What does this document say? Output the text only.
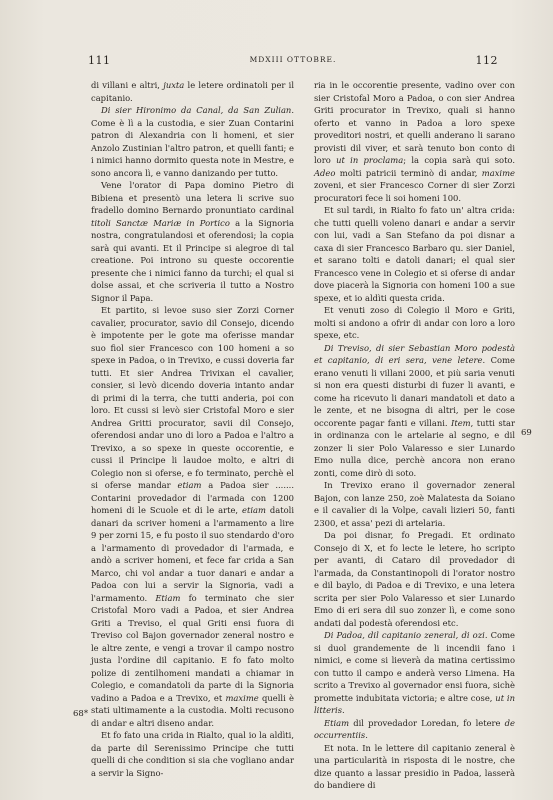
111	MDXIII OTTOBRE.	112

di villani e altri, juxta le letere ordinatoli per il capitanio.

Di sier Hironimo da Canal, da San Zulian. Come è lì a la custodia, e sier Zuan Contarini patron di Alexandria con li homeni, et sier Anzolo Zustinian l'altro patron, et quelli fanti; e i nimici hanno dormito questa note in Mestre, e sono ancora lì, e vanno danizando per tutto.

Vene l'orator di Papa domino Pietro di Bibiena et presentò una letera li scrive suo fradello domino Bernardo pronuntiato cardinal titoli Sanctæ Mariæ in Portico a la Signoria nostra, congratulandosi et oferendosi; la copia sarà qui avanti. Et il Principe si alegroe di tal creatione. Poi introno su queste occorentie presente che i nimici fanno da turchi; el qual si dolse assai, et che scriveria il tutto a Nostro Signor il Papa.

Et partito, si levoe suso sier Zorzi Corner cavalier, procurator, savio dil Consejo, dicendo è impotente per le gote ma oferisse mandar suo fiol sier Francesco con 100 homeni a so spexe in Padoa, o in Trevixo, e cussi doveria far tutti. Et sier Andrea Trivixan el cavalier, consier, si levò dicendo doveria intanto andar di primi di la terra, che tutti anderia, poi con loro. Et cussi si levò sier Cristofal Moro e sier Andrea Gritti procurator, savii dil Consejo, oferendosi andar uno di loro a Padoa e l'altro a Trevixo, a so spexe in queste occorentie, e cussi il Principe li laudoe molto, e altri di Colegio non si oferse, e fo terminato, perchè el si oferse mandar etiam a Padoa sier ....... Contarini provedador di l'armada con 1200 homeni di le Scuole et di le arte, etiam datoli danari da scriver homeni a l'armamento a lire 9 per zorni 15, e fu posto il suo stendardo d'oro a l'armamento di provedador di l'armada, e andò a scriver homeni, et fece far crida a San Marco, chi vol andar a tuor danari e andar a Padoa con lui a servir la Signoria, vadi a l'armamento. Etiam fo terminato che sier Cristofal Moro vadi a Padoa, et sier Andrea Griti a Treviso, el qual Griti ensi fuora di Treviso col Bajon governador zeneral nostro e le altre zente, e vengi a trovar il campo nostro justa l'ordine dil capitanio. E fo fato molto polize di zentilhomeni mandati a chiamar in Colegio, e comandatoli da parte di la Signoria vadino a Padoa e a Trevixo, et maxime quelli è stati ultimamente a la custodia. Molti recusono di andar e altri diseno andar.

Et fo fato una crida in Rialto, qual io la aldìti, da parte dil Serenissimo Principe che tutti quelli di che condition si sia che vogliano andar a servir la Signo-

ria in le occorentie presente, vadino over con sier Cristofal Moro a Padoa, o con sier Andrea Griti procurator in Trevixo, quali si hanno oferto et vanno in Padoa a loro spexe proveditori nostri, et quelli anderano li sarano provisti dil viver, et sarà tenuto bon conto di loro ut in proclama; la copia sarà qui soto. Adeo molti patricii terminò di andar, maxime zoveni, et sier Francesco Corner di sier Zorzi procuratori fece li soi homeni 100.

Et sul tardi, in Rialto fo fato un' altra crida: che tutti quelli voleno danari e andar a servir con lui, vadi a San Stefano da poi disnar a caxa di sier Francesco Barbaro qu. sier Daniel, et sarano tolti e datoli danari; el qual sier Francesco vene in Colegio et si oferse di andar dove piacerà la Signoria con homeni 100 a sue spexe, et io aldìti questa crida.

Et venuti zoso di Colegio il Moro e Griti, molti si andono a ofrir di andar con loro a loro spexe, etc.

Di Treviso, di sier Sebastian Moro podestà et capitanio, di eri sera, vene letere. Come erano venuti li villani 2000, et più saria venuti si non era questi disturbi di fuzer li avanti, e come ha ricevuto li danari mandatoli et dato a le zente, et ne bisogna di altri, per le cose occorente pagar fanti e villani. Item, tutti star in ordinanza con le artelarie al segno, e dil zonzer li sier Polo Valaresso e sier Lunardo Emo nulla dice, perchè ancora non erano zonti, come dirò di soto.

In Trevixo erano il governador zeneral Bajon, con lanze 250, zoè Malatesta da Soiano e il cavalier di la Volpe, cavali lizieri 50, fanti 2300, et assa' pezi di artelaria.

Da poi disnar, fo Pregadi. Et ordinato Consejo di X, et fo lecte le letere, ho scripto per avanti, di Cataro dil provedador di l'armada, da Constantinopoli di l'orator nostro e dil baylo, di Padoa e di Trevixo, e una letera scrita per sier Polo Valaresso et sier Lunardo Emo di eri sera dil suo zonzer lì, e come sono andati dal podestà oferendosi etc.

Di Padoa, dil capitanio zeneral, di ozi. Come si duol grandemente de li incendii fano i nimici, e come si lieverà da matina certissimo con tutto il campo e anderà verso Limena. Ha scrito a Trevixo al governador ensi fuora, sichè promette indubitata victoria; e altre cose, ut in litteris.

Etiam dil provedador Loredan, fo letere de occurrentiis.

Et nota. In le lettere dil capitanio zeneral è una particularità in risposta di le nostre, che dize quanto a lassar presidio in Padoa, lasserà do bandiere di

68*
69
